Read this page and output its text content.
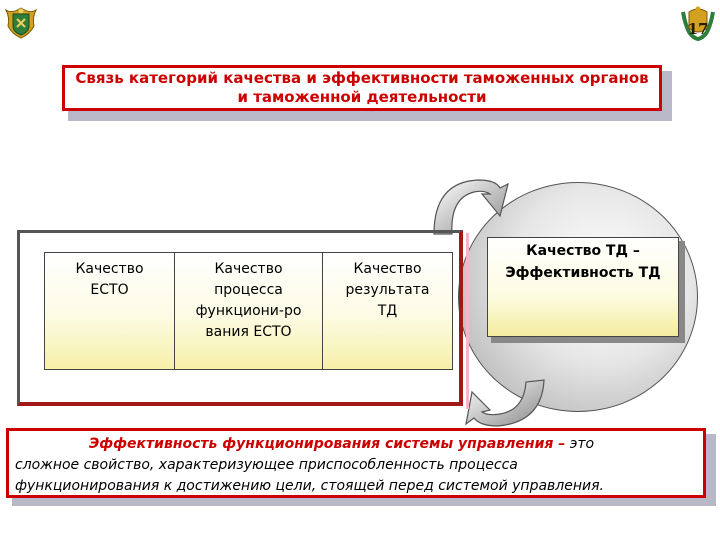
17
Связь категорий качества и эффективности таможенных органов
и таможенной деятельности
Качество
ЕСТО
Качество
процесса
функциони-ро
вания ЕСТО
Качество
результата
ТД
Качество ТД –
Эффективность ТД
Эффективность функционирования системы управления – это
сложное свойство, характеризующее приспособленность процесса
функционирования к достижению цели, стоящей перед системой управления.
